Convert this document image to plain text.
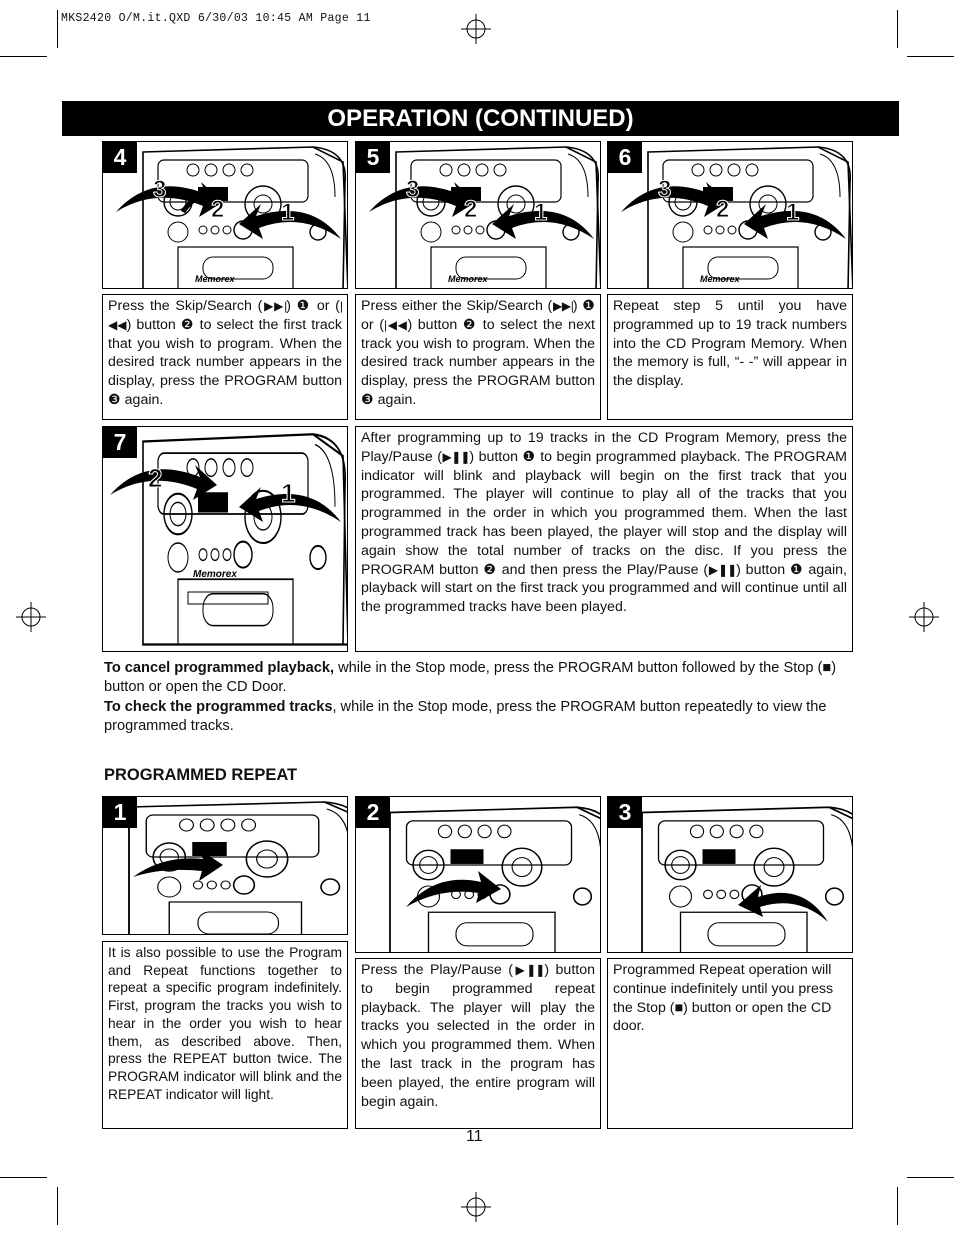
MKS2420 O/M.it.QXD 6/30/03 10:45 AM Page 11
OPERATION (CONTINUED)
4
Memorex
3
2 1
5
Memorex
3
2 1
6
Memorex
3
2 1

Press the Skip/Search (▶▶|) ❶ or (|◀◀) button ❷ to select the first track that you wish to program. When the desired track number appears in the display, press the PROGRAM button ❸ again.

Press either the Skip/Search (▶▶|) ❶ or (|◀◀) button ❷ to select the next track you wish to program. When the desired track number appears in the display, press the PROGRAM button ❸ again.

Repeat step 5 until you have programmed up to 19 track numbers into the CD Program Memory. When the memory is full, “- -” will appear in the display.

7
Memorex
2	1

After programming up to 19 tracks in the CD Program Memory, press the Play/Pause (▶❚❚) button ❶ to begin programmed playback. The PROGRAM indicator will blink and playback will begin on the first track that you programmed. The player will continue to play all of the tracks that you programmed in the order in which you programmed them. When the last programmed track has been played, the player will stop and the display will again show the total number of tracks on the disc. If you press the PROGRAM button ❷ and then press the Play/Pause (▶❚❚) button ❶ again, playback will start on the first track you programmed and will continue until all the programmed tracks have been played.

To cancel programmed playback, while in the Stop mode, press the PROGRAM button followed by the Stop (■) button or open the CD Door.
To check the programmed tracks, while in the Stop mode, press the PROGRAM button repeatedly to view the programmed tracks.
PROGRAMMED REPEAT
1	2	3

It is also possible to use the Program and Repeat functions together to repeat a specific program indefinitely. First, program the tracks you wish to hear in the order you wish to hear them, as described above. Then, press the REPEAT button twice. The PROGRAM indicator will blink and the REPEAT indicator will light.

Press the Play/Pause (▶❚❚) button to begin programmed repeat playback. The player will play the tracks you selected in the order in which you programmed them. When the last track in the program has been played, the entire program will begin again.

Programmed Repeat operation will continue indefinitely until you press the Stop (■) button or open the CD door.

11
